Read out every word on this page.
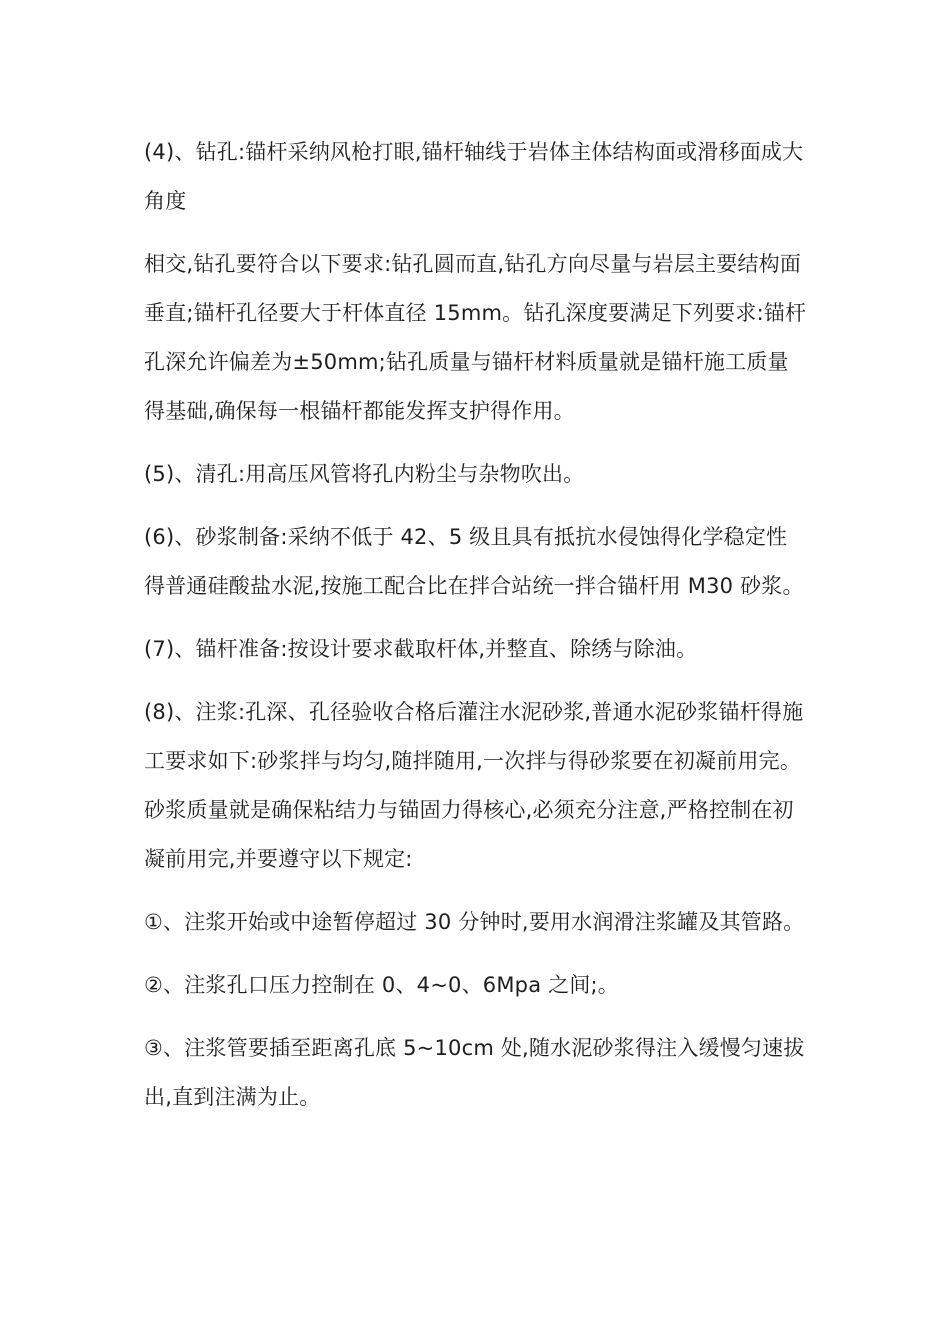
(4)、钻孔:锚杆采纳风枪打眼,锚杆轴线于岩体主体结构面或滑移面成大角度

相交,钻孔要符合以下要求:钻孔圆而直,钻孔方向尽量与岩层主要结构面垂直;锚杆孔径要大于杆体直径 15mm。钻孔深度要满足下列要求:锚杆孔深允许偏差为±50mm;钻孔质量与锚杆材料质量就是锚杆施工质量得基础,确保每一根锚杆都能发挥支护得作用。

(5)、清孔:用高压风管将孔内粉尘与杂物吹出。

(6)、砂浆制备:采纳不低于 42、5 级且具有抵抗水侵蚀得化学稳定性得普通硅酸盐水泥,按施工配合比在拌合站统一拌合锚杆用 M30 砂浆。

(7)、锚杆准备:按设计要求截取杆体,并整直、除绣与除油。

(8)、注浆:孔深、孔径验收合格后灌注水泥砂浆,普通水泥砂浆锚杆得施工要求如下:砂浆拌与均匀,随拌随用,一次拌与得砂浆要在初凝前用完。砂浆质量就是确保粘结力与锚固力得核心,必须充分注意,严格控制在初凝前用完,并要遵守以下规定:

①、注浆开始或中途暂停超过 30 分钟时,要用水润滑注浆罐及其管路。

②、注浆孔口压力控制在 0、4~0、6Mpa 之间;。

③、注浆管要插至距离孔底 5~10cm 处,随水泥砂浆得注入缓慢匀速拔出,直到注满为止。
